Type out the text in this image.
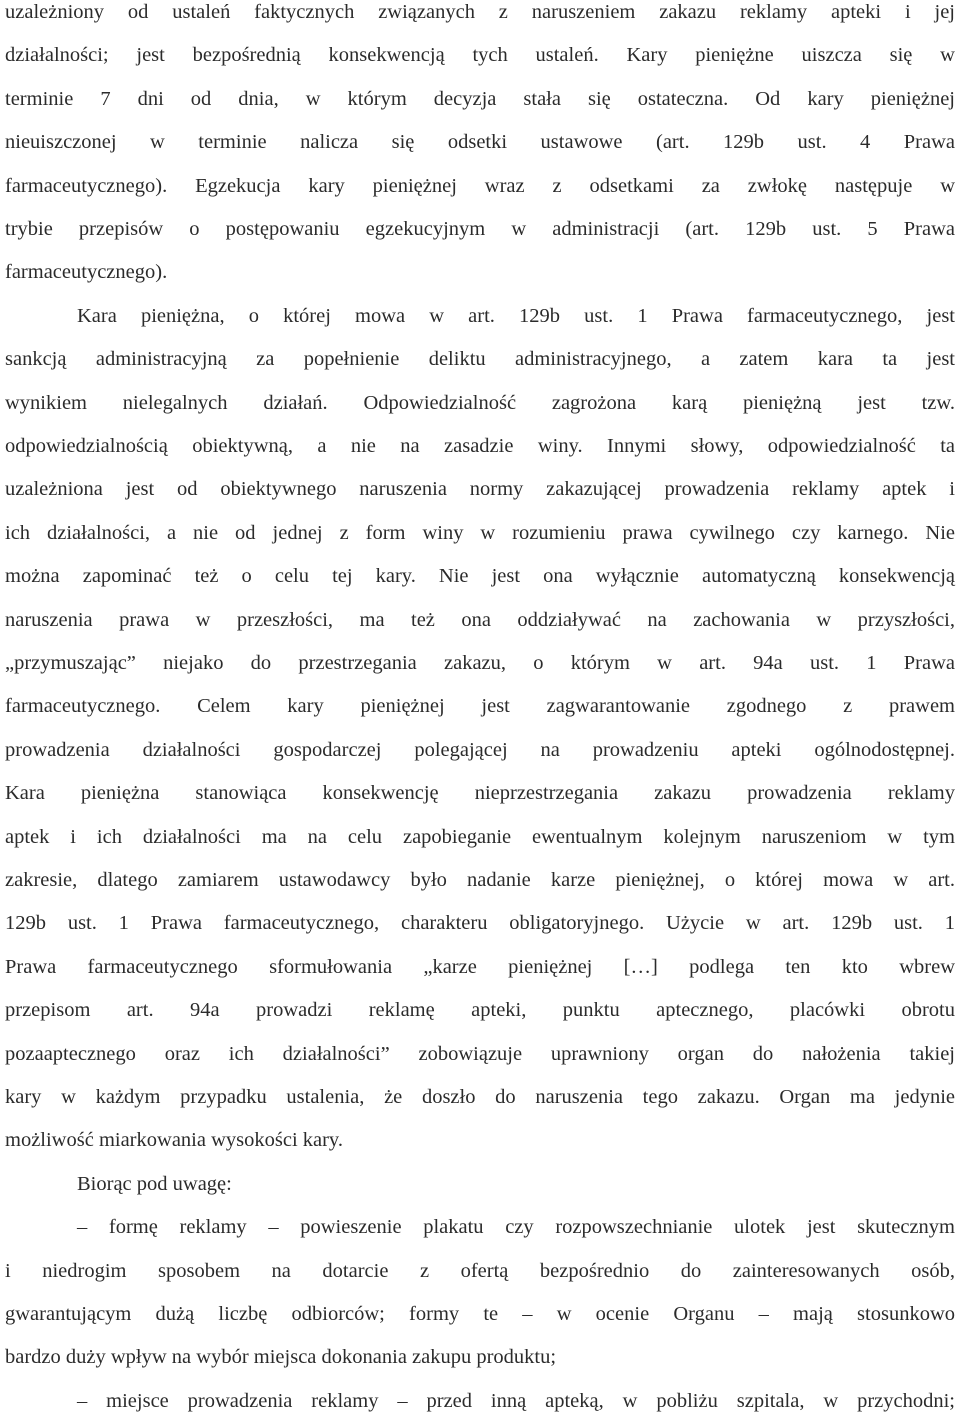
uzależniony od ustaleń faktycznych związanych z naruszeniem zakazu reklamy apteki i jej
działalności; jest bezpośrednią konsekwencją tych ustaleń. Kary pieniężne uiszcza się w
terminie 7 dni od dnia, w którym decyzja stała się ostateczna. Od kary pieniężnej
nieuiszczonej w terminie nalicza się odsetki ustawowe (art. 129b ust. 4 Prawa
farmaceutycznego). Egzekucja kary pieniężnej wraz z odsetkami za zwłokę następuje w
trybie przepisów o postępowaniu egzekucyjnym w administracji (art. 129b ust. 5 Prawa
farmaceutycznego).
Kara pieniężna, o której mowa w art. 129b ust. 1 Prawa farmaceutycznego, jest
sankcją administracyjną za popełnienie deliktu administracyjnego, a zatem kara ta jest
wynikiem nielegalnych działań. Odpowiedzialność zagrożona karą pieniężną jest tzw.
odpowiedzialnością obiektywną, a nie na zasadzie winy. Innymi słowy, odpowiedzialność ta
uzależniona jest od obiektywnego naruszenia normy zakazującej prowadzenia reklamy aptek i
ich działalności, a nie od jednej z form winy w rozumieniu prawa cywilnego czy karnego. Nie
można zapominać też o celu tej kary. Nie jest ona wyłącznie automatyczną konsekwencją
naruszenia prawa w przeszłości, ma też ona oddziaływać na zachowania w przyszłości,
„przymuszając” niejako do przestrzegania zakazu, o którym w art. 94a ust. 1 Prawa
farmaceutycznego. Celem kary pieniężnej jest zagwarantowanie zgodnego z prawem
prowadzenia działalności gospodarczej polegającej na prowadzeniu apteki ogólnodostępnej.
Kara pieniężna stanowiąca konsekwencję nieprzestrzegania zakazu prowadzenia reklamy
aptek i ich działalności ma na celu zapobieganie ewentualnym kolejnym naruszeniom w tym
zakresie, dlatego zamiarem ustawodawcy było nadanie karze pieniężnej, o której mowa w art.
129b ust. 1 Prawa farmaceutycznego, charakteru obligatoryjnego. Użycie w art. 129b ust. 1
Prawa farmaceutycznego sformułowania „karze pieniężnej […] podlega ten kto wbrew
przepisom art. 94a prowadzi reklamę apteki, punktu aptecznego, placówki obrotu
pozaaptecznego oraz ich działalności” zobowiązuje uprawniony organ do nałożenia takiej
kary w każdym przypadku ustalenia, że doszło do naruszenia tego zakazu. Organ ma jedynie
możliwość miarkowania wysokości kary.
Biorąc pod uwagę:
– formę reklamy – powieszenie plakatu czy rozpowszechnianie ulotek jest skutecznym
i niedrogim sposobem na dotarcie z ofertą bezpośrednio do zainteresowanych osób,
gwarantującym dużą liczbę odbiorców; formy te – w ocenie Organu – mają stosunkowo
bardzo duży wpływ na wybór miejsca dokonania zakupu produktu;
– miejsce prowadzenia reklamy – przed inną apteką, w pobliżu szpitala, w przychodni;
